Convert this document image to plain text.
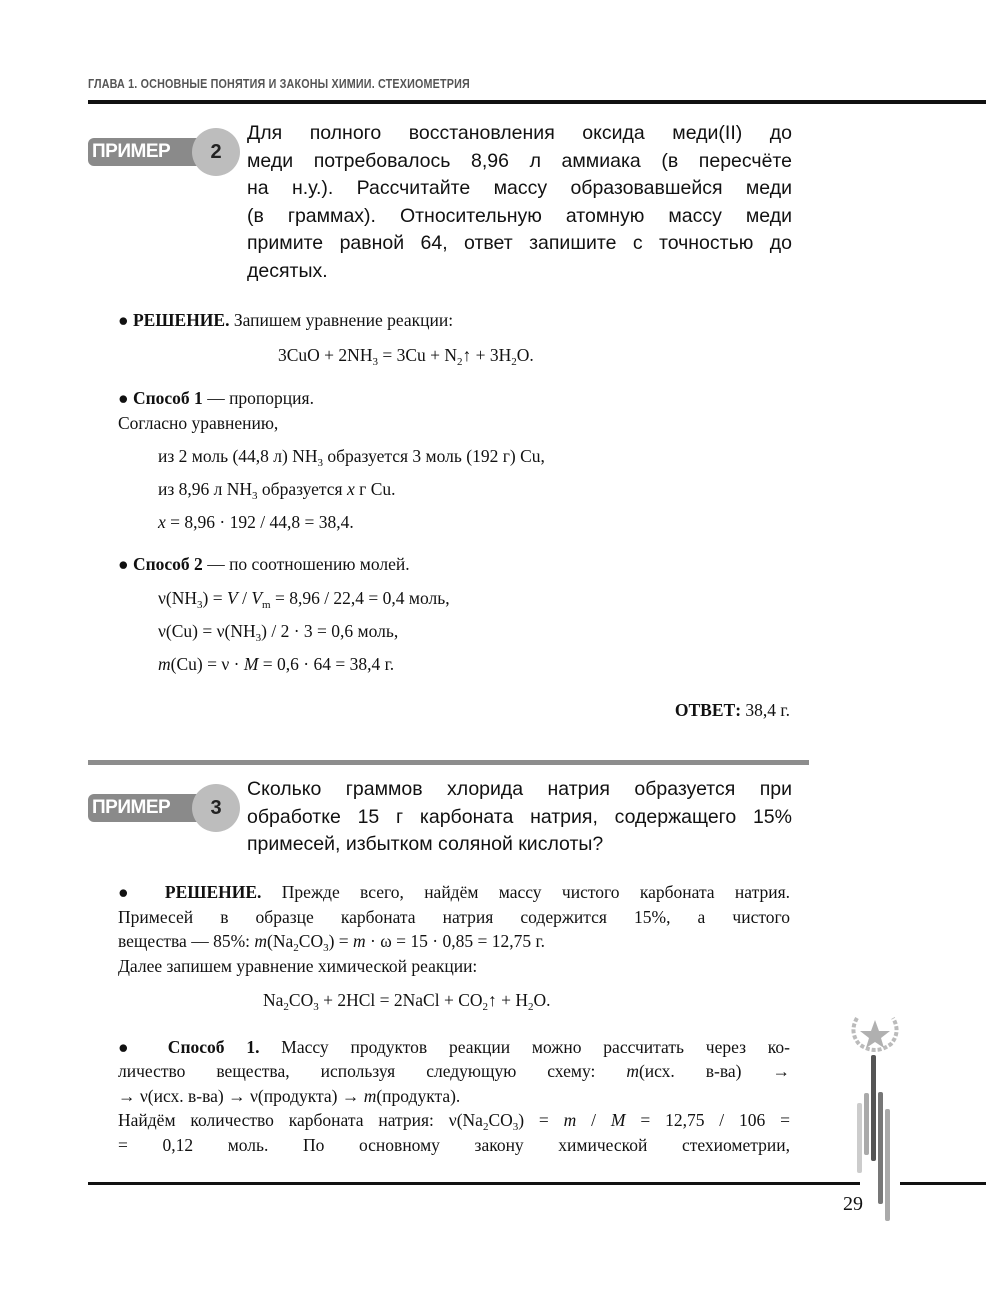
ГЛАВА 1. ОСНОВНЫЕ ПОНЯТИЯ И ЗАКОНЫ ХИМИИ. СТЕХИОМЕТРИЯ
ПРИМЕР	2
Для полного восстановления оксида меди(II) до
меди потребовалось 8,96 л аммиака (в пересчёте
на н.у.). Рассчитайте массу образовавшейся меди
(в граммах). Относительную атомную массу меди
примите равной 64, ответ запишите с точностью до
десятых.
● РЕШЕНИЕ. Запишем уравнение реакции:
$3CuO + 2NH_3 = 3Cu$ + $N_2↑ + 3H_2O$.
● Способ 1 — пропорция.
Согласно уравнению,
из 2 моль (44,8 л) $NH_3$ образуется 3 моль (192 г) Cu,
из 8,96 л $NH_3$ образуется x г Cu.
x = 8,96 · 192 / 44,8 = 38,4.
● Способ 2 — по соотношению молей.
$\nu(NH_3) = V / V_m = 8,96 / 22,4 = 0,4$ моль,
$\nu(Cu) = \nu(NH_3) / 2 \cdot 3 = 0,6$ моль,
m(Cu) = ν · M = 0,6 · 64 = 38,4 г.
ОТВЕТ: 38,4 г.
ПРИМЕР	3
Сколько граммов хлорида натрия образуется при
обработке 15 г карбоната натрия, содержащего 15%
примесей, избытком соляной кислоты?
● РЕШЕНИЕ. Прежде всего, найдём массу чистого карбоната натрия.
Примесей в образце карбоната натрия содержится 15%, а чистого
вещества — 85%: $m(Na_2CO_3) = m \cdot \omega = 15 \cdot 0,85 = 12,75$ г.
Далее запишем уравнение химической реакции:
$Na_2CO_3 + 2HCl$ = 2NaCl + $CO_2↑ + H_2O$.
● Способ 1. Массу продуктов реакции можно рассчитать через ко-
личество вещества, используя следующую схему: m(исх. в-ва) →
→ ν(исх. в-ва) → ν(продукта) → m(продукта).
Найдём количество карбоната натрия: $\nu(Na_2CO_3) = m / M = 12,75 / 106$ =
= 0,12 моль. По основному закону химической стехиометрии,
29
